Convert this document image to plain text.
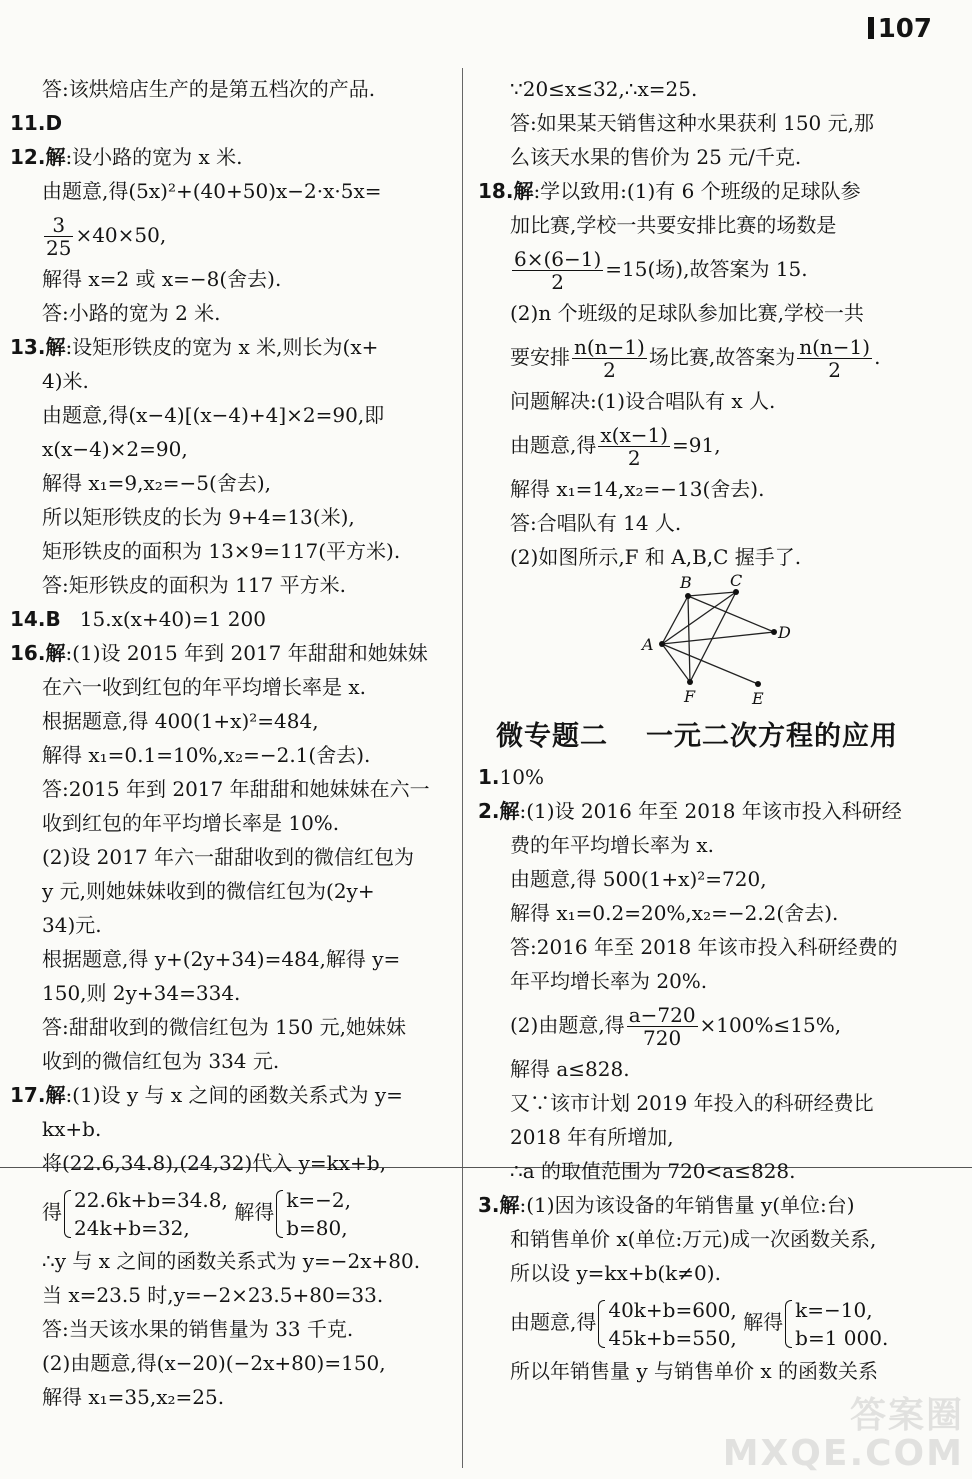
107
答:该烘焙店生产的是第五档次的产品.
11.D
12.解:设小路的宽为 x 米.
由题意,得(5x)²+(40+50)x−2·x·5x=
$\frac{3}{25} \times 40\times 50$,
解得 x=2 或 x=−8(舍去).
答:小路的宽为 2 米.
13.解:设矩形铁皮的宽为 x 米,则长为(x+
4)米.
由题意,得(x−4)[(x−4)+4]×2=90,即
x(x−4)×2=90,
解得 x₁=9,x₂=−5(舍去),
所以矩形铁皮的长为 9+4=13(米),
矩形铁皮的面积为 13×9=117(平方米).
答:矩形铁皮的面积为 117 平方米.
14.B 15.x(x+40)=1 200
16.解:(1)设 2015 年到 2017 年甜甜和她妹妹
在六一收到红包的年平均增长率是 x.
根据题意,得 400(1+x)²=484,
解得 x₁=0.1=10%,x₂=−2.1(舍去).
答:2015 年到 2017 年甜甜和她妹妹在六一
收到红包的年平均增长率是 10%.
(2)设 2017 年六一甜甜收到的微信红包为
y 元,则她妹妹收到的微信红包为(2y+
34)元.
根据题意,得 y+(2y+34)=484,解得 y=
150,则 2y+34=334.
答:甜甜收到的微信红包为 150 元,她妹妹
收到的微信红包为 334 元.
17.解:(1)设 y 与 x 之间的函数关系式为 y=
kx+b.
将(22.6,34.8),(24,32)代入 y=kx+b,
得
22.6k+b=34.8,
24k+b=32,
解得
k=−2,
b=80,
∴y 与 x 之间的函数关系式为 y=−2x+80.
当 x=23.5 时,y=−2×23.5+80=33.
答:当天该水果的销售量为 33 千克.
(2)由题意,得(x−20)(−2x+80)=150,
解得 x₁=35,x₂=25.
∵20≤x≤32,∴x=25.
答:如果某天销售这种水果获利 150 元,那
么该天水果的售价为 25 元/千克.
18.解:学以致用:(1)有 6 个班级的足球队参
加比赛,学校一共要安排比赛的场数是
$\frac{6\times(6-1)}{2} =15$(场),故答案为 15.
(2)n 个班级的足球队参加比赛,学校一共
要安排 $\frac{n(n-1)}{2}$ 场比赛,故答案为 $\frac{n(n-1)}{2}$ .
问题解决:(1)设合唱队有 x 人.
由题意,得 $\frac{x(x-1)}{2} =91$,
解得 x₁=14,x₂=−13(舍去).
答:合唱队有 14 人.
(2)如图所示,F 和 A,B,C 握手了.
A
B C
D
E
F
微专题二 一元二次方程的应用
1.10%
2.解:(1)设 2016 年至 2018 年该市投入科研经
费的年平均增长率为 x.
由题意,得 500(1+x)²=720,
解得 x₁=0.2=20%,x₂=−2.2(舍去).
答:2016 年至 2018 年该市投入科研经费的
年平均增长率为 20%.
(2)由题意,得 $\frac{a-720}{720} \times 100\%\le 15\%$,
解得 a≤828.
又∵该市计划 2019 年投入的科研经费比
2018 年有所增加,
∴a 的取值范围为 720<a≤828.
3.解:(1)因为该设备的年销售量 y(单位:台)
和销售单价 x(单位:万元)成一次函数关系,
所以设 y=kx+b(k≠0).
由题意,得
40k+b=600,
45k+b=550,
解得
k=−10,
b=1 000.
所以年销售量 y 与销售单价 x 的函数关系
答案圈
MXQE.COM
